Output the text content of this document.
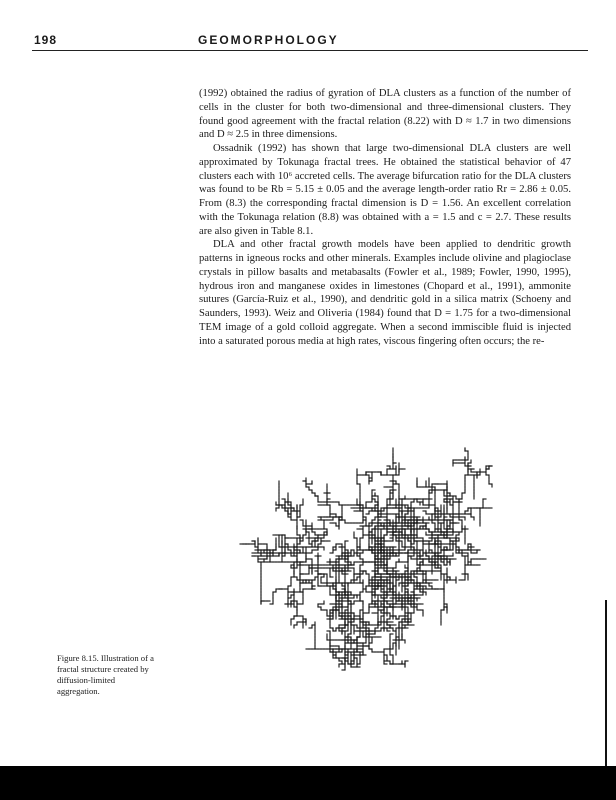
198	GEOMORPHOLOGY

(1992) obtained the radius of gyration of DLA clusters as a function of the number of cells in the cluster for both two-dimensional and three-dimensional clusters. They found good agreement with the fractal relation (8.22) with D ≈ 1.7 in two dimensions and D ≈ 2.5 in three dimensions.

Ossadnik (1992) has shown that large two-dimensional DLA clusters are well approximated by Tokunaga fractal trees. He obtained the statistical behavior of 47 clusters each with 10⁶ accreted cells. The average bifurcation ratio for the DLA clusters was found to be Rb = 5.15 ± 0.05 and the average length-order ratio Rr = 2.86 ± 0.05. From (8.3) the corresponding fractal dimension is D = 1.56. An excellent correlation with the Tokunaga relation (8.8) was obtained with a = 1.5 and c = 2.7. These results are also given in Table 8.1.

DLA and other fractal growth models have been applied to dendritic growth patterns in igneous rocks and other minerals. Examples include olivine and plagioclase crystals in pillow basalts and metabasalts (Fowler et al., 1989; Fowler, 1990, 1995), hydrous iron and manganese oxides in limestones (Chopard et al., 1991), ammonite sutures (García-Ruiz et al., 1990), and dendritic gold in a silica matrix (Schoeny and Saunders, 1993). Weiz and Oliveria (1984) found that D = 1.75 for a two-dimensional TEM image of a gold colloid aggregate. When a second immiscible fluid is injected into a saturated porous media at high rates, viscous fingering often occurs; the re-

Figure 8.15. Illustration of a fractal structure created by diffusion-limited aggregation.
